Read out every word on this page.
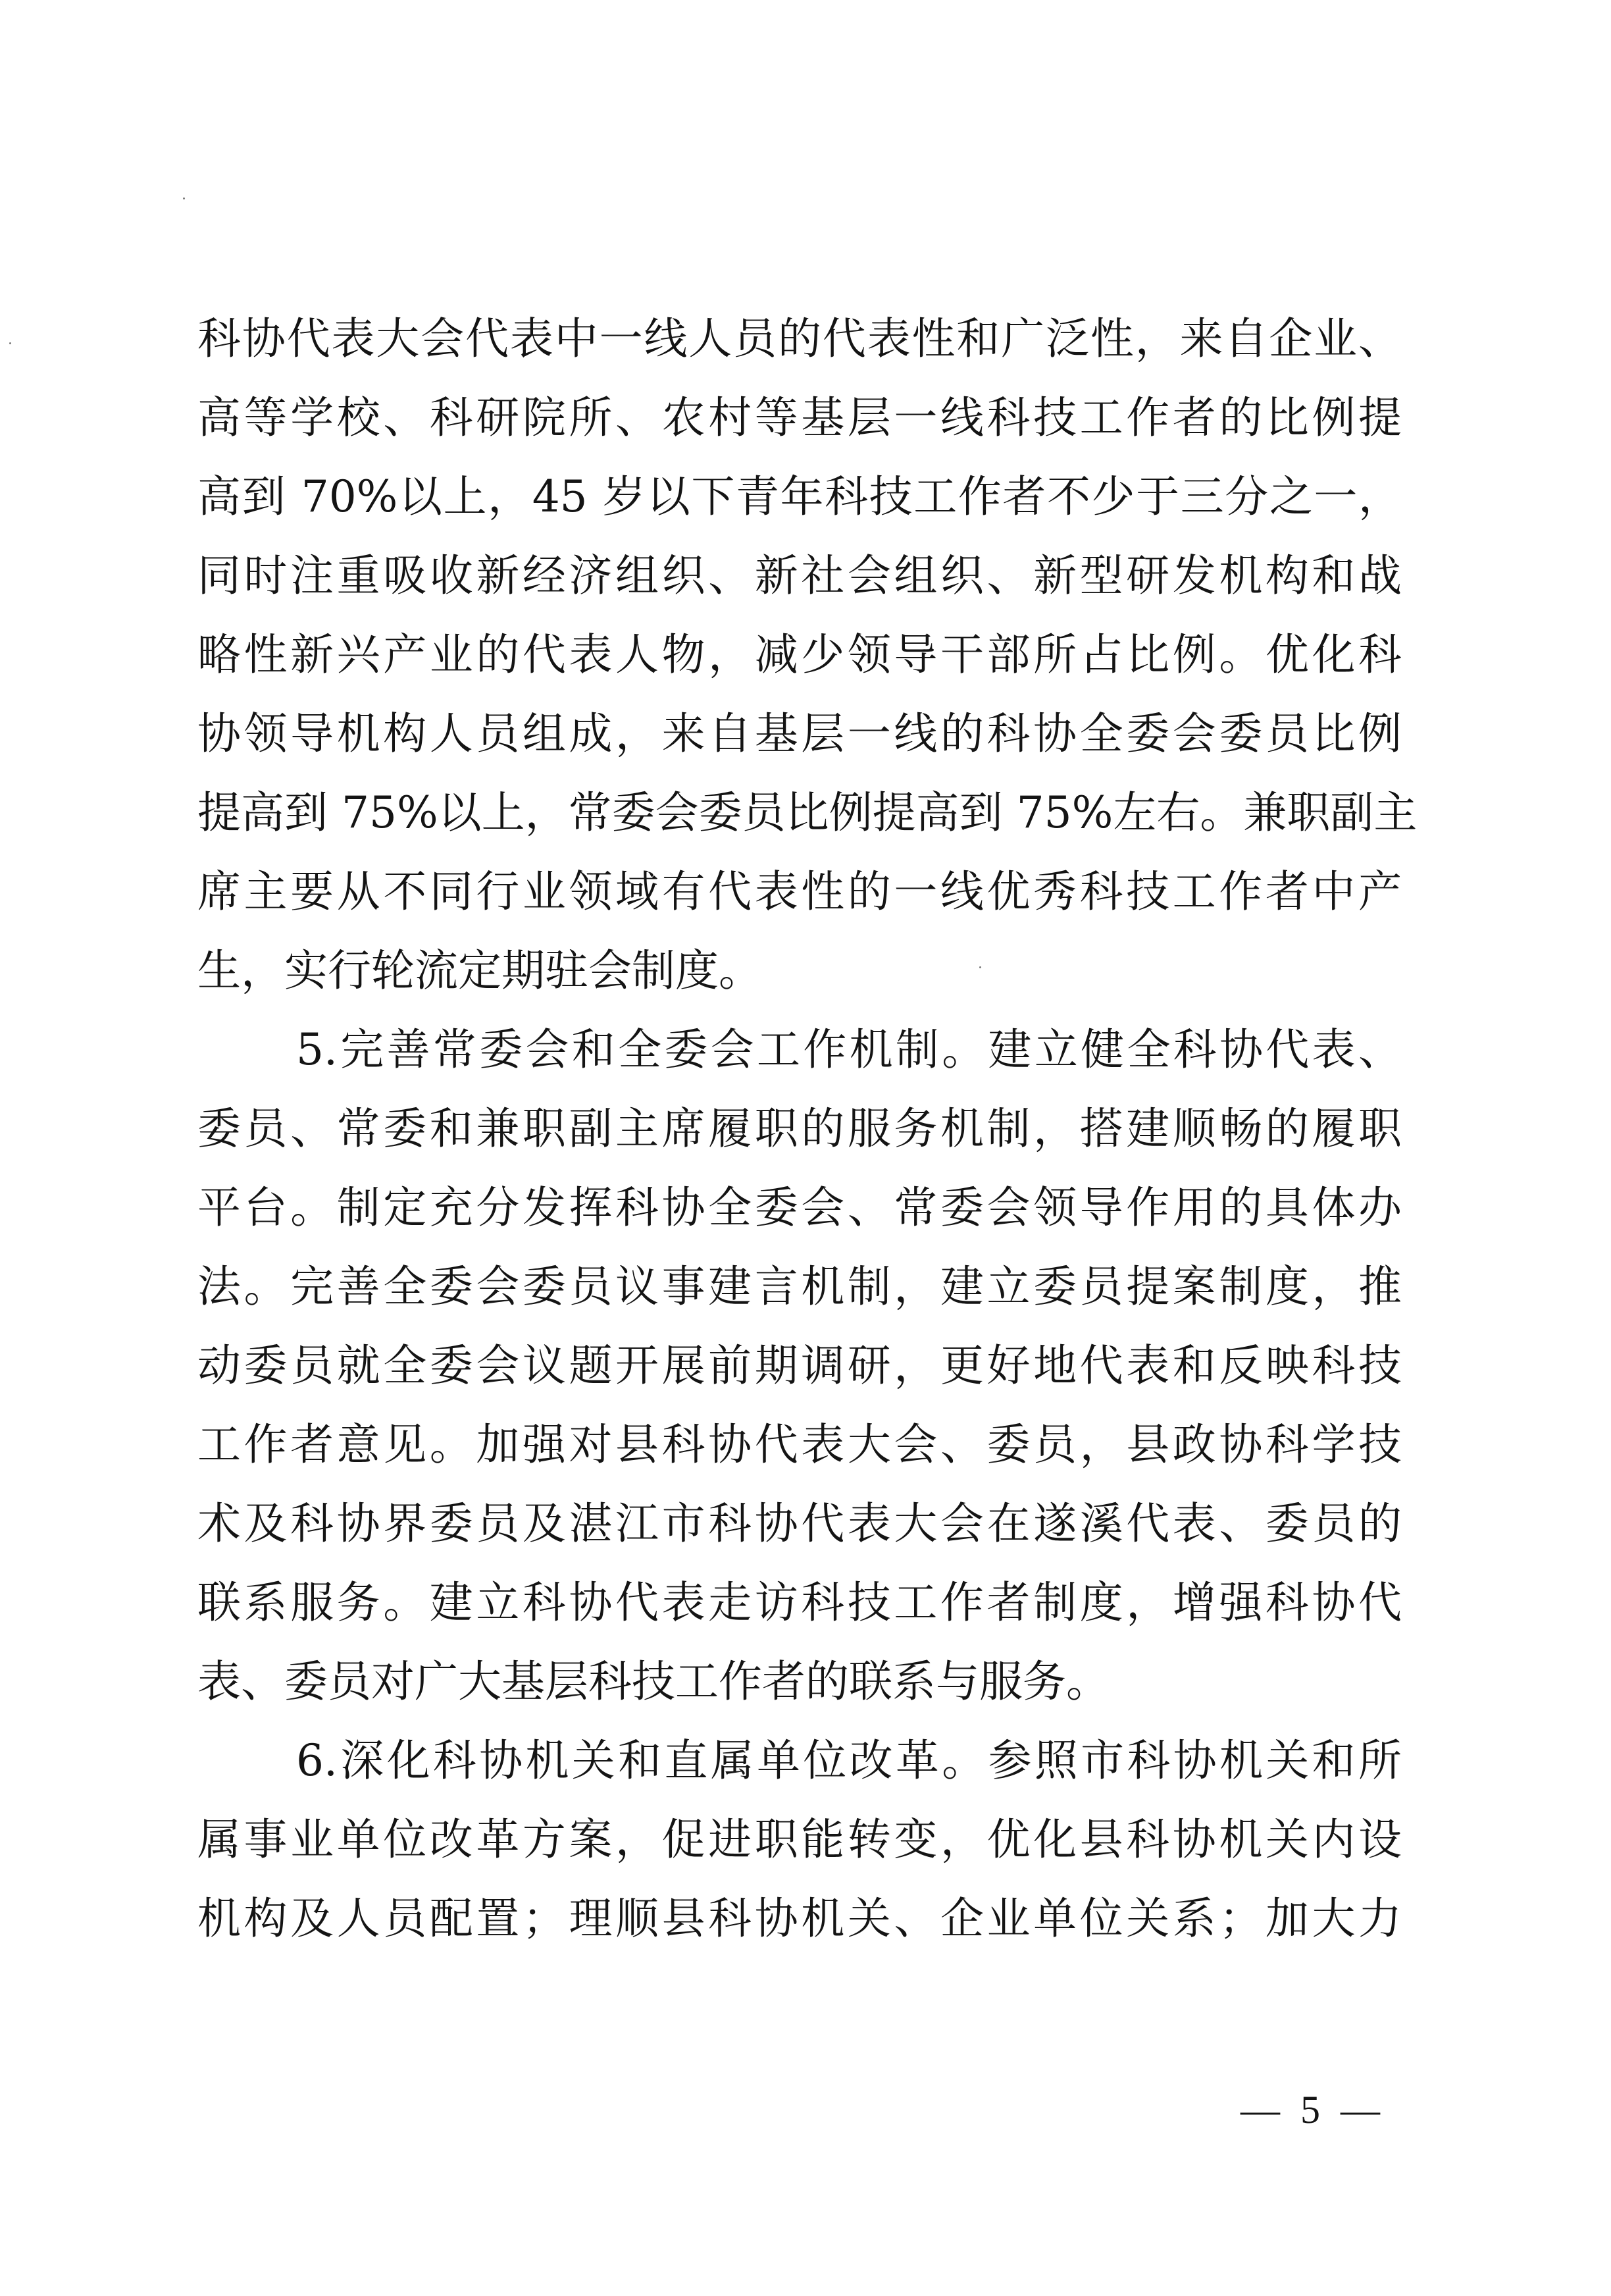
科协代表大会代表中一线人员的代表性和广泛性，来自企业、
高等学校、科研院所、农村等基层一线科技工作者的比例提
高到 70%以上，45 岁以下青年科技工作者不少于三分之一，
同时注重吸收新经济组织、新社会组织、新型研发机构和战
略性新兴产业的代表人物，减少领导干部所占比例。优化科
协领导机构人员组成，来自基层一线的科协全委会委员比例
提高到 75%以上，常委会委员比例提高到 75%左右。兼职副主
席主要从不同行业领域有代表性的一线优秀科技工作者中产
生，实行轮流定期驻会制度。
5.完善常委会和全委会工作机制。建立健全科协代表、
委员、常委和兼职副主席履职的服务机制，搭建顺畅的履职
平台。制定充分发挥科协全委会、常委会领导作用的具体办
法。完善全委会委员议事建言机制，建立委员提案制度，推
动委员就全委会议题开展前期调研，更好地代表和反映科技
工作者意见。加强对县科协代表大会、委员，县政协科学技
术及科协界委员及湛江市科协代表大会在遂溪代表、委员的
联系服务。建立科协代表走访科技工作者制度，增强科协代
表、委员对广大基层科技工作者的联系与服务。
6.深化科协机关和直属单位改革。参照市科协机关和所
属事业单位改革方案，促进职能转变，优化县科协机关内设
机构及人员配置；理顺县科协机关、企业单位关系；加大力
— 5 —
